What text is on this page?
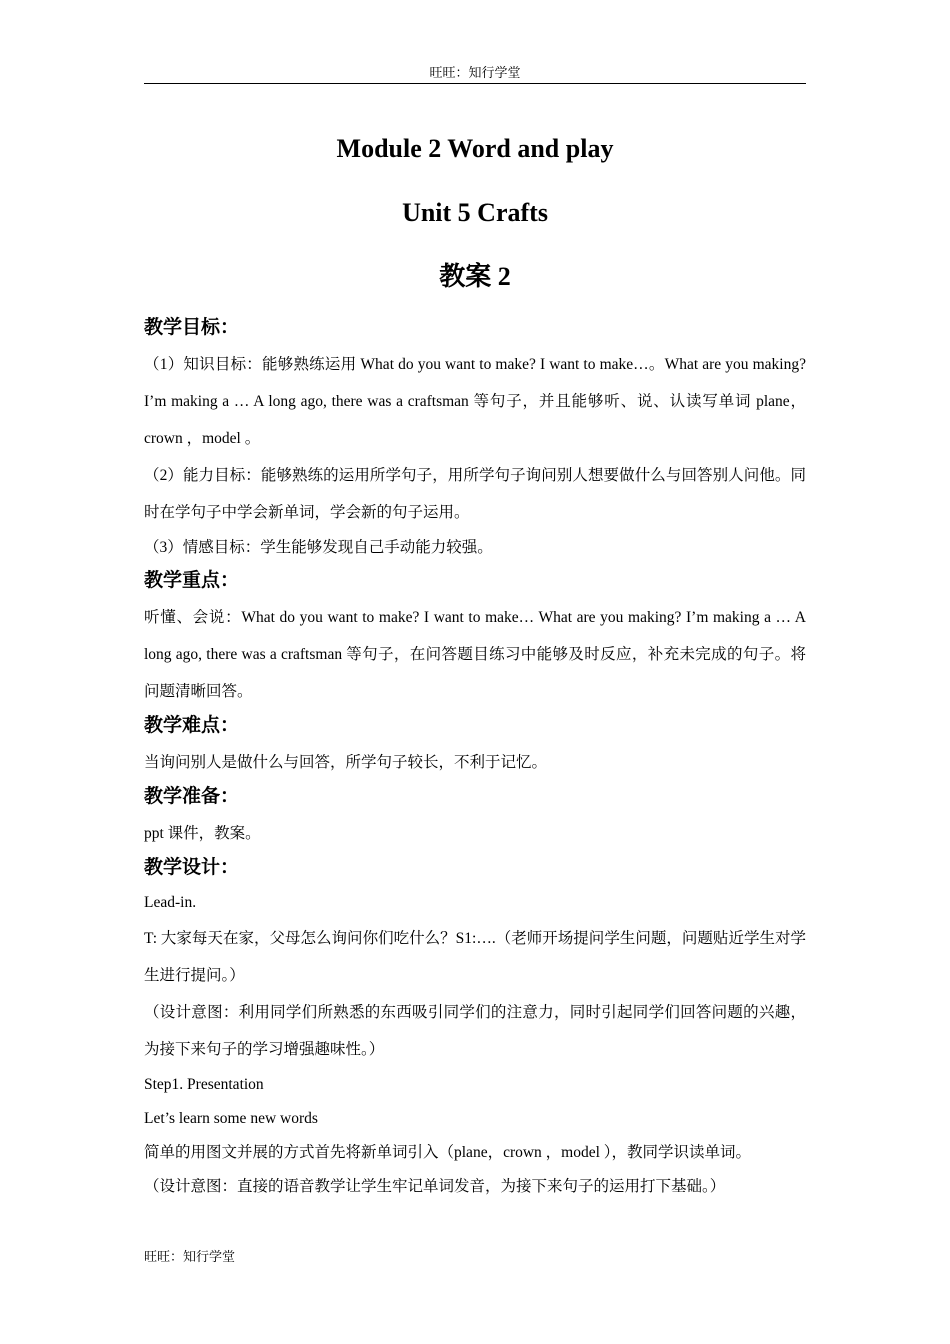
旺旺：知行学堂
Module 2 Word and play
Unit 5 Crafts
教案 2
教学目标：

（1）知识目标：能够熟练运用 What do you want to make? I want to make…。What are you making? I’m making a … A long ago, there was a craftsman 等句子，并且能够听、说、认读写单词 plane，crown ，model 。

（2）能力目标：能够熟练的运用所学句子，用所学句子询问别人想要做什么与回答别人问他。同时在学句子中学会新单词，学会新的句子运用。

（3）情感目标：学生能够发现自己手动能力较强。

教学重点：

听懂、会说：What do you want to make? I want to make… What are you making? I’m making a … A long ago, there was a craftsman 等句子，在问答题目练习中能够及时反应，补充未完成的句子。将问题清晰回答。

教学难点：

当询问别人是做什么与回答，所学句子较长，不利于记忆。

教学准备：

ppt 课件，教案。

教学设计：

Lead-in.

T: 大家每天在家，父母怎么询问你们吃什么？S1:….（老师开场提问学生问题，问题贴近学生对学生进行提问。）

（设计意图：利用同学们所熟悉的东西吸引同学们的注意力，同时引起同学们回答问题的兴趣，为接下来句子的学习增强趣味性。）

Step1. Presentation

Let’s learn some new words

简单的用图文并展的方式首先将新单词引入（plane，crown ，model ），教同学识读单词。

（设计意图：直接的语音教学让学生牢记单词发音，为接下来句子的运用打下基础。）

旺旺：知行学堂
